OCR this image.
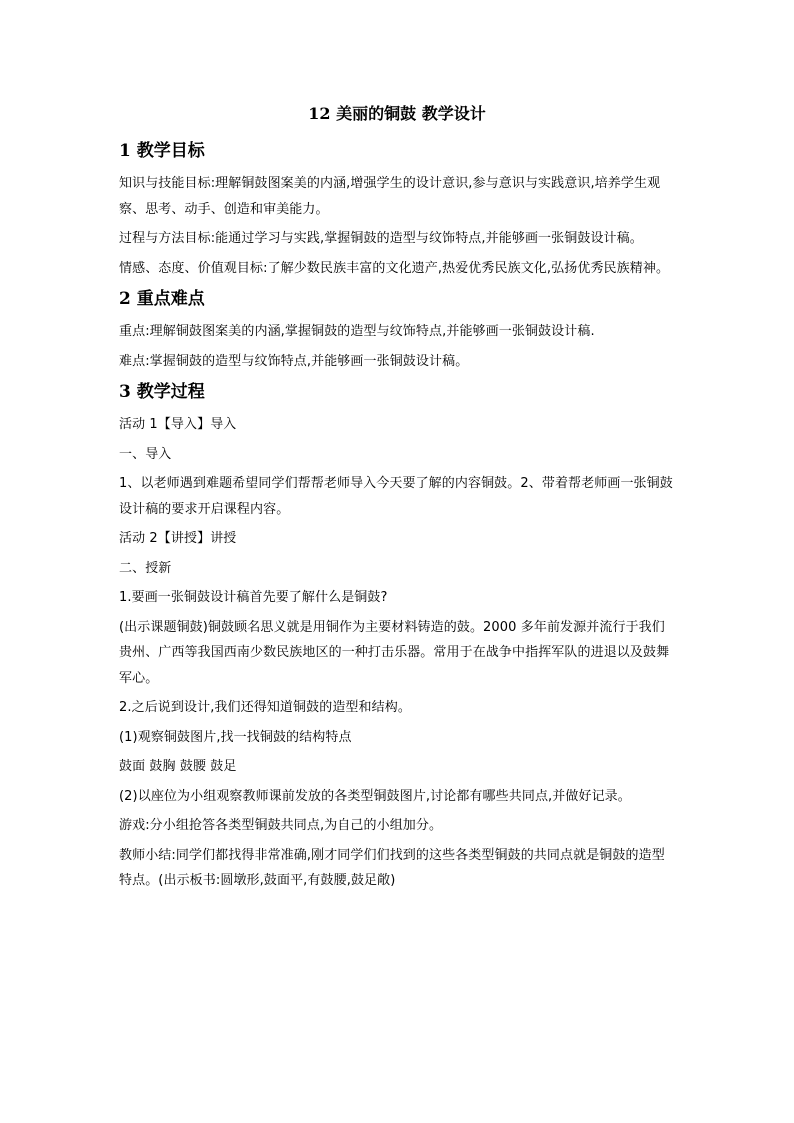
12 美丽的铜鼓 教学设计
1 教学目标
知识与技能目标:理解铜鼓图案美的内涵,增强学生的设计意识,参与意识与实践意识,培养学生观察、思考、动手、创造和审美能力。
过程与方法目标:能通过学习与实践,掌握铜鼓的造型与纹饰特点,并能够画一张铜鼓设计稿。
情感、态度、价值观目标:了解少数民族丰富的文化遗产,热爱优秀民族文化,弘扬优秀民族精神。
2 重点难点
重点:理解铜鼓图案美的内涵,掌握铜鼓的造型与纹饰特点,并能够画一张铜鼓设计稿.
难点:掌握铜鼓的造型与纹饰特点,并能够画一张铜鼓设计稿。
3 教学过程
活动 1【导入】导入
一、导入
1、以老师遇到难题希望同学们帮帮老师导入今天要了解的内容铜鼓。2、带着帮老师画一张铜鼓设计稿的要求开启课程内容。
活动 2【讲授】讲授
二、授新
1.要画一张铜鼓设计稿首先要了解什么是铜鼓?
(出示课题铜鼓)铜鼓顾名思义就是用铜作为主要材料铸造的鼓。2000 多年前发源并流行于我们贵州、广西等我国西南少数民族地区的一种打击乐器。常用于在战争中指挥军队的进退以及鼓舞军心。
2.之后说到设计,我们还得知道铜鼓的造型和结构。
(1)观察铜鼓图片,找一找铜鼓的结构特点
鼓面 鼓胸 鼓腰 鼓足
(2)以座位为小组观察教师课前发放的各类型铜鼓图片,讨论都有哪些共同点,并做好记录。
游戏:分小组抢答各类型铜鼓共同点,为自己的小组加分。
教师小结:同学们都找得非常准确,刚才同学们们找到的这些各类型铜鼓的共同点就是铜鼓的造型特点。(出示板书:圆墩形,鼓面平,有鼓腰,鼓足敞)
